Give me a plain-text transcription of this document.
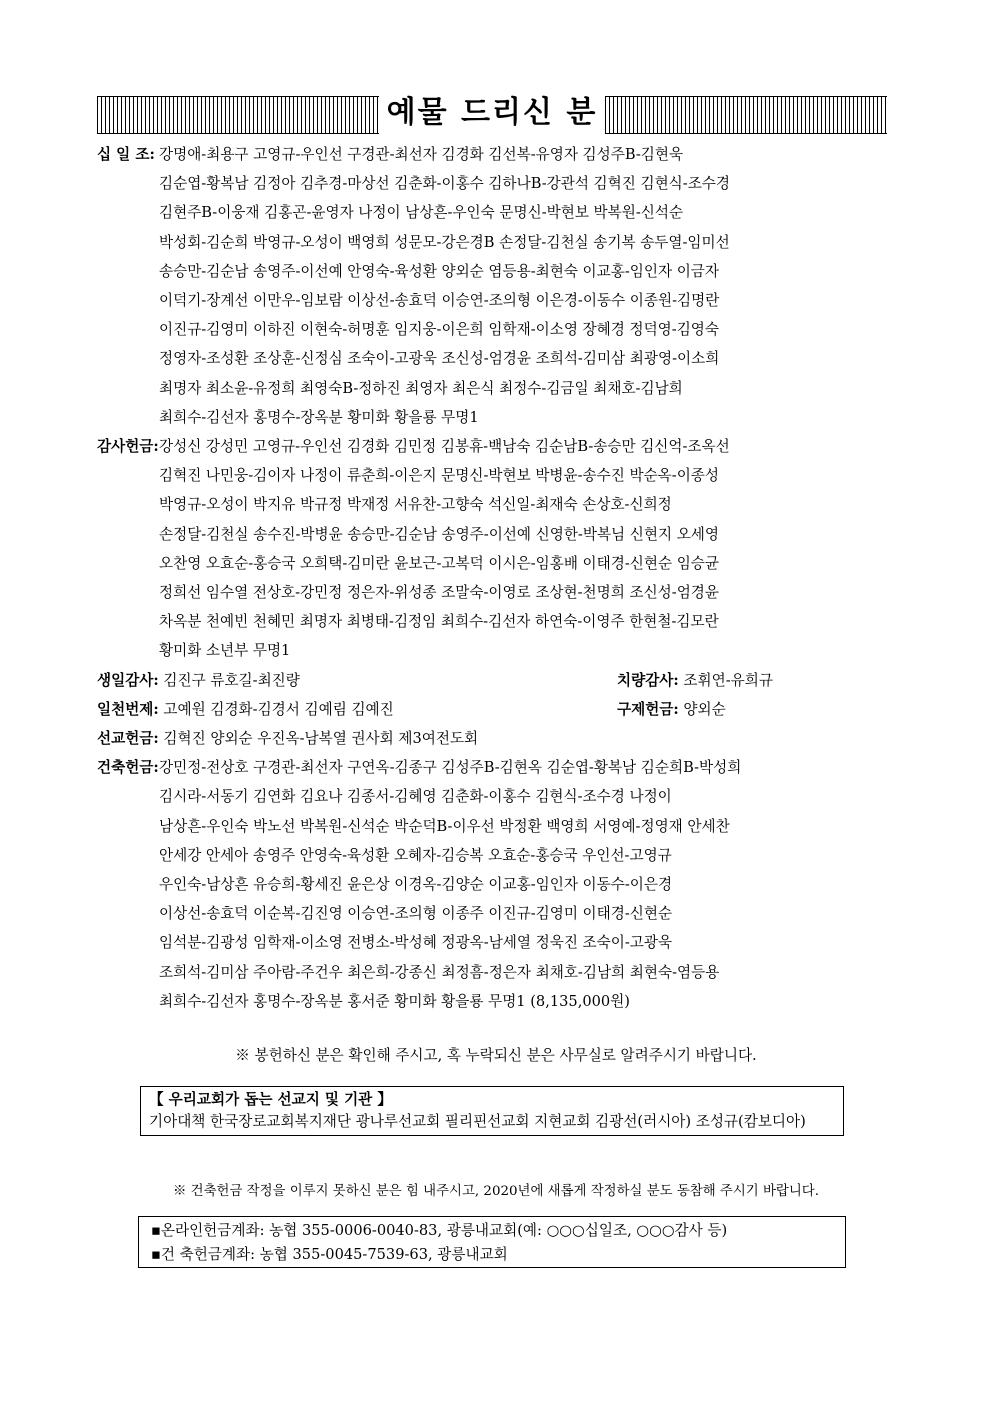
예물 드리신 분
십 일 조: 강명애-최용구 고영규-우인선 구경관-최선자 김경화 김선복-유영자 김성주B-김현욱
김순엽-황복남 김정아 김추경-마상선 김춘화-이홍수 김하나B-강관석 김혁진 김현식-조수경
김현주B-이웅재 김홍곤-윤영자 나정이 남상흔-우인숙 문명신-박현보 박복원-신석순
박성회-김순희 박영규-오성이 백영희 성문모-강은경B 손정달-김천실 송기복 송두열-임미선
송승만-김순남 송영주-이선예 안영숙-육성환 양외순 염등용-최현숙 이교홍-임인자 이금자
이덕기-장계선 이만우-임보람 이상선-송효덕 이승연-조의형 이은경-이동수 이종원-김명란
이진규-김영미 이하진 이현숙-허명훈 임지웅-이은희 임학재-이소영 장혜경 정덕영-김영숙
정영자-조성환 조상훈-신정심 조숙이-고광욱 조신성-엄경윤 조희석-김미삼 최광영-이소희
최명자 최소윤-유정희 최영숙B-정하진 최영자 최은식 최정수-김금일 최채호-김남희
최희수-김선자 홍명수-장옥분 황미화 황을룡 무명1
감사헌금: 강성신 강성민 고영규-우인선 김경화 김민정 김봉휴-백남숙 김순남B-송승만 김신억-조옥선
김혁진 나민웅-김이자 나정이 류춘희-이은지 문명신-박현보 박병윤-송수진 박순옥-이종성
박영규-오성이 박지유 박규정 박재정 서유찬-고향숙 석신일-최재숙 손상호-신희정
손정달-김천실 송수진-박병윤 송승만-김순남 송영주-이선예 신영한-박복님 신현지 오세영
오찬영 오효순-홍승국 오희택-김미란 윤보근-고복덕 이시은-임홍배 이태경-신현순 임승균
정희선 임수열 전상호-강민정 정은자-위성종 조말숙-이영로 조상현-천명희 조신성-엄경윤
차옥분 천예빈 천혜민 최명자 최병태-김정임 최희수-김선자 하연숙-이영주 한현철-김모란
황미화 소년부 무명1
생일감사: 김진구 류호길-최진량	치량감사: 조휘연-유희규
일천번제: 고예원 김경화-김경서 김예림 김예진	구제헌금: 양외순
선교헌금: 김혁진 양외순 우진옥-남복열 권사회 제3여전도회
건축헌금: 강민정-전상호 구경관-최선자 구연옥-김종구 김성주B-김현옥 김순엽-황복남 김순희B-박성희
김시라-서동기 김연화 김요나 김종서-김혜영 김춘화-이홍수 김현식-조수경 나정이
남상흔-우인숙 박노선 박복원-신석순 박순덕B-이우선 박정환 백영희 서영예-정영재 안세찬
안세강 안세아 송영주 안영숙-육성환 오혜자-김승복 오효순-홍승국 우인선-고영규
우인숙-남상흔 유승희-황세진 윤은상 이경옥-김양순 이교홍-임인자 이동수-이은경
이상선-송효덕 이순복-김진영 이승연-조의형 이종주 이진규-김영미 이태경-신현순
임석분-김광성 임학재-이소영 전병소-박성혜 정광옥-남세열 정욱진 조숙이-고광욱
조희석-김미삼 주아람-주건우 최은희-강종신 최정흠-정은자 최채호-김남희 최현숙-염등용
최희수-김선자 홍명수-장옥분 홍서준 황미화 황을룡 무명1 (8,135,000원)
※ 봉헌하신 분은 확인해 주시고, 혹 누락되신 분은 사무실로 알려주시기 바랍니다.
【 우리교회가 돕는 선교지 및 기관 】
기아대책 한국장로교회복지재단 광나루선교회 필리핀선교회 지현교회 김광선(러시아) 조성규(캄보디아)
※ 건축헌금 작정을 이루지 못하신 분은 힘 내주시고, 2020년에 새롭게 작정하실 분도 동참해 주시기 바랍니다.
▪온라인헌금계좌: 농협 355-0006-0040-83, 광릉내교회(예: ○○○십일조, ○○○감사 등)
▪건 축헌금계좌: 농협 355-0045-7539-63, 광릉내교회
